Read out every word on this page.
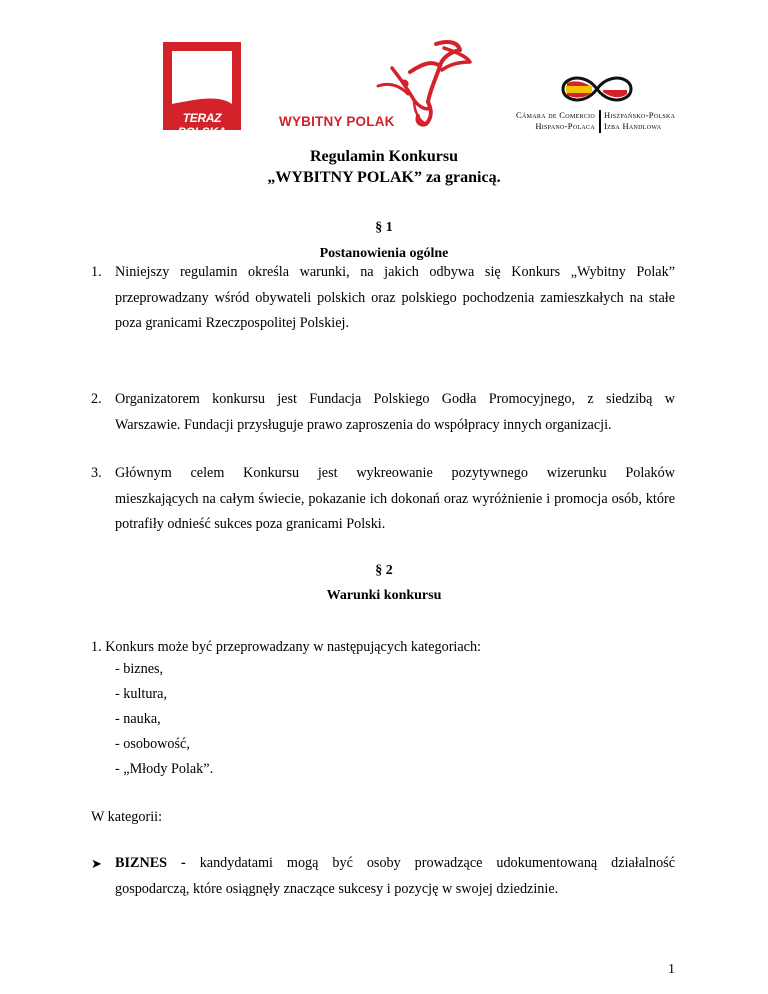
TERAZ POLSKA
WYBITNY POLAK	Cámara de Comercio
Hispano-Polaca
Hiszpańsko-Polska
Izba Handlowa
Regulamin Konkursu
„WYBITNY POLAK” za granicą.
§ 1
Postanowienia ogólne
1. Niniejszy regulamin określa warunki, na jakich odbywa się Konkurs „Wybitny Polak”
przeprowadzany wśród obywateli polskich oraz polskiego pochodzenia zamieszkałych na stałe poza granicami Rzeczpospolitej Polskiej.
2. Organizatorem konkursu jest Fundacja Polskiego Godła Promocyjnego, z siedzibą w
Warszawie. Fundacji przysługuje prawo zaproszenia do współpracy innych organizacji.
3. Głównym celem Konkursu jest wykreowanie pozytywnego wizerunku Polaków
mieszkających na całym świecie, pokazanie ich dokonań oraz wyróżnienie i promocja osób, które potrafiły odnieść sukces poza granicami Polski.
§ 2
Warunki konkursu
1. Konkurs może być przeprowadzany w następujących kategoriach:
- biznes,
- kultura,
- nauka,
- osobowość,
- „Młody Polak”.
W kategorii:
➤ BIZNES - kandydatami mogą być osoby prowadzące udokumentowaną działalność
gospodarczą, które osiągnęły znaczące sukcesy i pozycję w swojej dziedzinie.
1
